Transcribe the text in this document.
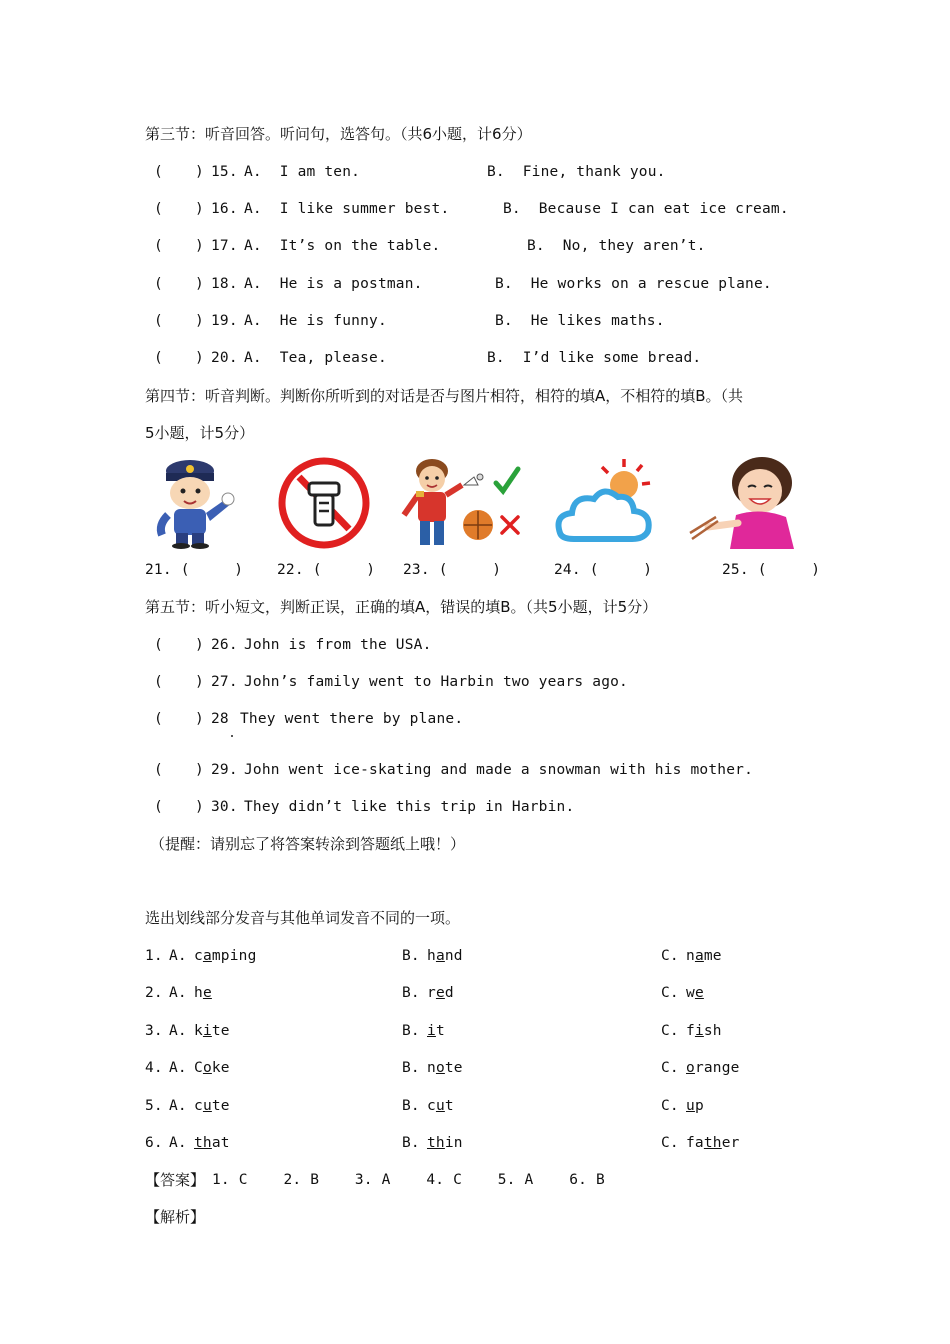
第三节：听音回答。听问句，选答句。（共6小题，计6分）
( ) 15. A.  I am ten.	B.  Fine, thank you.
( ) 16. A.  I like summer best.	B.  Because I can eat ice cream.
( ) 17. A.  It’s on the table.	B.  No, they aren’t.
( ) 18. A.  He is a postman.	B.  He works on a rescue plane.
( ) 19. A.  He is funny.	B.  He likes maths.
( ) 20. A.  Tea, please.	B.  I’d like some bread.
第四节：听音判断。判断你所听到的对话是否与图片相符，相符的填A，不相符的填B。（共
5小题，计5分）
21. (     ) 22. (     ) 23. (     )	24. (     )	25. (     )
第五节：听小短文，判断正误，正确的填A，错误的填B。（共5小题，计5分）
( ) 26. John is from the USA.
( ) 27. John’s family went to Harbin two years ago.
( ) 28 They went there by plane.
( ) 29. John went ice-skating and made a snowman with his mother.
( ) 30. They didn’t like this trip in Harbin.
（提醒：请别忘了将答案转涂到答题纸上哦！）
选出划线部分发音与其他单词发音不同的一项。
1. A. camping	B. hand	C. name
2. A. he	B. red	C. we
3. A. kite	B. it	C. fish
4. A. Coke	B. note	C. orange
5. A. cute	B. cut	C. up
6. A. that	B. thin	C. father
【答案】 1. C    2. B    3. A    4. C    5. A    6. B
【解析】
